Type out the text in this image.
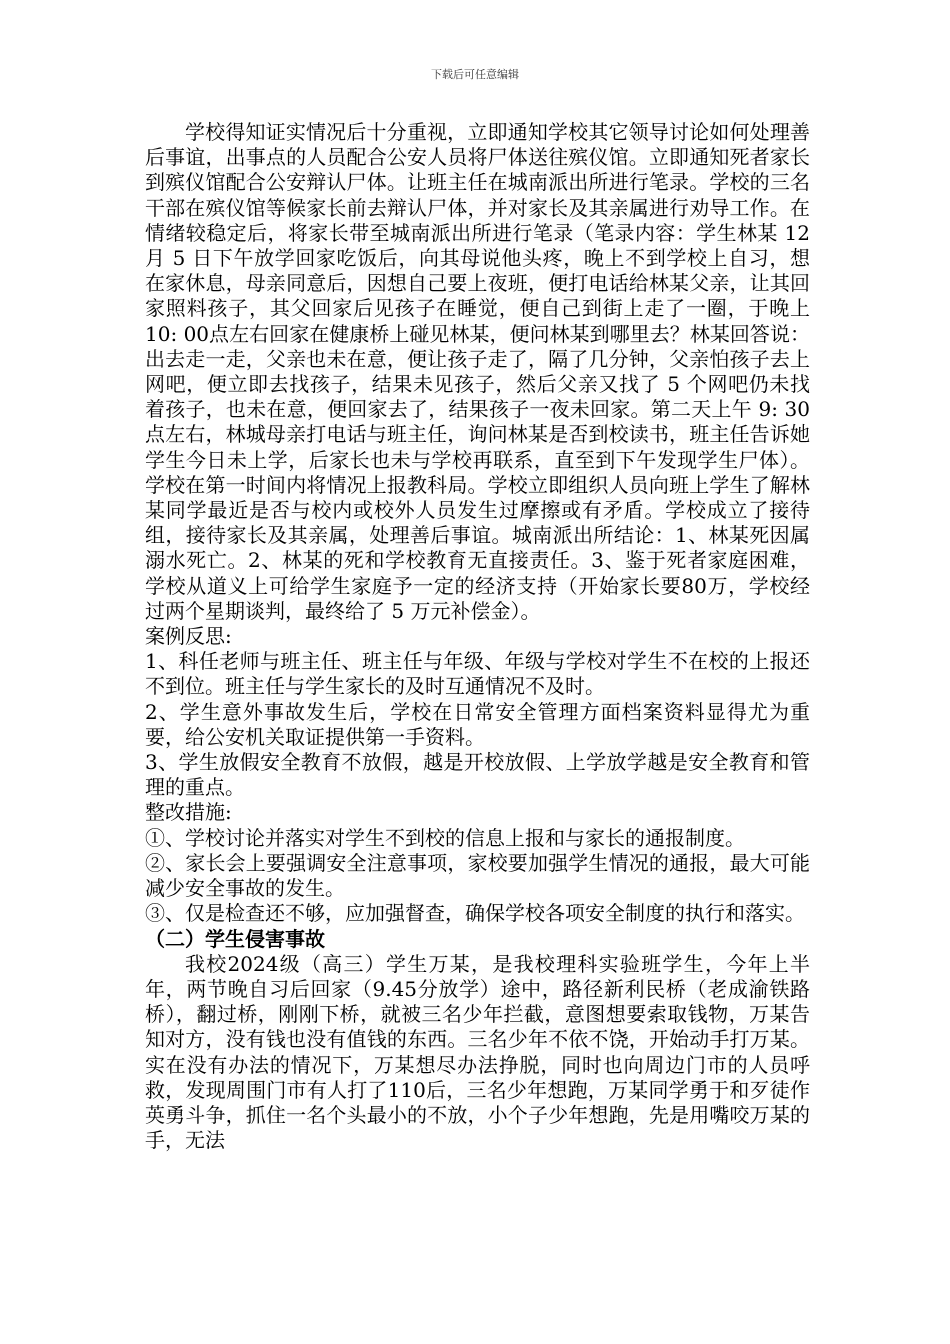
下载后可任意编辑

学校得知证实情况后十分重视，立即通知学校其它领导讨论如何处理善后事谊，出事点的人员配合公安人员将尸体送往殡仪馆。立即通知死者家长到殡仪馆配合公安辩认尸体。让班主任在城南派出所进行笔录。学校的三名干部在殡仪馆等候家长前去辩认尸体，并对家长及其亲属进行劝导工作。在情绪较稳定后，将家长带至城南派出所进行笔录（笔录内容：学生林某 12 月 5 日下午放学回家吃饭后，向其母说他头疼，晚上不到学校上自习，想在家休息，母亲同意后，因想自己要上夜班，便打电话给林某父亲，让其回家照料孩子，其父回家后见孩子在睡觉，便自己到街上走了一圈，于晚上 10: 00点左右回家在健康桥上碰见林某，便问林某到哪里去？林某回答说：出去走一走，父亲也未在意，便让孩子走了，隔了几分钟，父亲怕孩子去上网吧，便立即去找孩子，结果未见孩子，然后父亲又找了 5 个网吧仍未找着孩子，也未在意，便回家去了，结果孩子一夜未回家。第二天上午 9: 30点左右，林城母亲打电话与班主任，询问林某是否到校读书，班主任告诉她学生今日未上学，后家长也未与学校再联系，直至到下午发现学生尸体）。学校在第一时间内将情况上报教科局。学校立即组织人员向班上学生了解林某同学最近是否与校内或校外人员发生过摩擦或有矛盾。学校成立了接待组，接待家长及其亲属，处理善后事谊。城南派出所结论：1、林某死因属溺水死亡。2、林某的死和学校教育无直接责任。3、鉴于死者家庭困难，学校从道义上可给学生家庭予一定的经济支持（开始家长要80万，学校经过两个星期谈判，最终给了 5 万元补偿金）。

案例反思:

1、科任老师与班主任、班主任与年级、年级与学校对学生不在校的上报还不到位。班主任与学生家长的及时互通情况不及时。

2、学生意外事故发生后，学校在日常安全管理方面档案资料显得尤为重要，给公安机关取证提供第一手资料。

3、学生放假安全教育不放假，越是开校放假、上学放学越是安全教育和管理的重点。

整改措施:

①、学校讨论并落实对学生不到校的信息上报和与家长的通报制度。

②、家长会上要强调安全注意事项，家校要加强学生情况的通报，最大可能减少安全事故的发生。

③、仅是检查还不够，应加强督查，确保学校各项安全制度的执行和落实。

（二）学生侵害事故

我校2024级（高三）学生万某，是我校理科实验班学生，今年上半年，两节晚自习后回家（9.45分放学）途中，路径新利民桥（老成渝铁路桥），翻过桥，刚刚下桥，就被三名少年拦截，意图想要索取钱物，万某告知对方，没有钱也没有值钱的东西。三名少年不依不饶，开始动手打万某。实在没有办法的情况下，万某想尽办法挣脱，同时也向周边门市的人员呼救，发现周围门市有人打了110后，三名少年想跑，万某同学勇于和歹徒作英勇斗争，抓住一名个头最小的不放，小个子少年想跑，先是用嘴咬万某的手，无法
